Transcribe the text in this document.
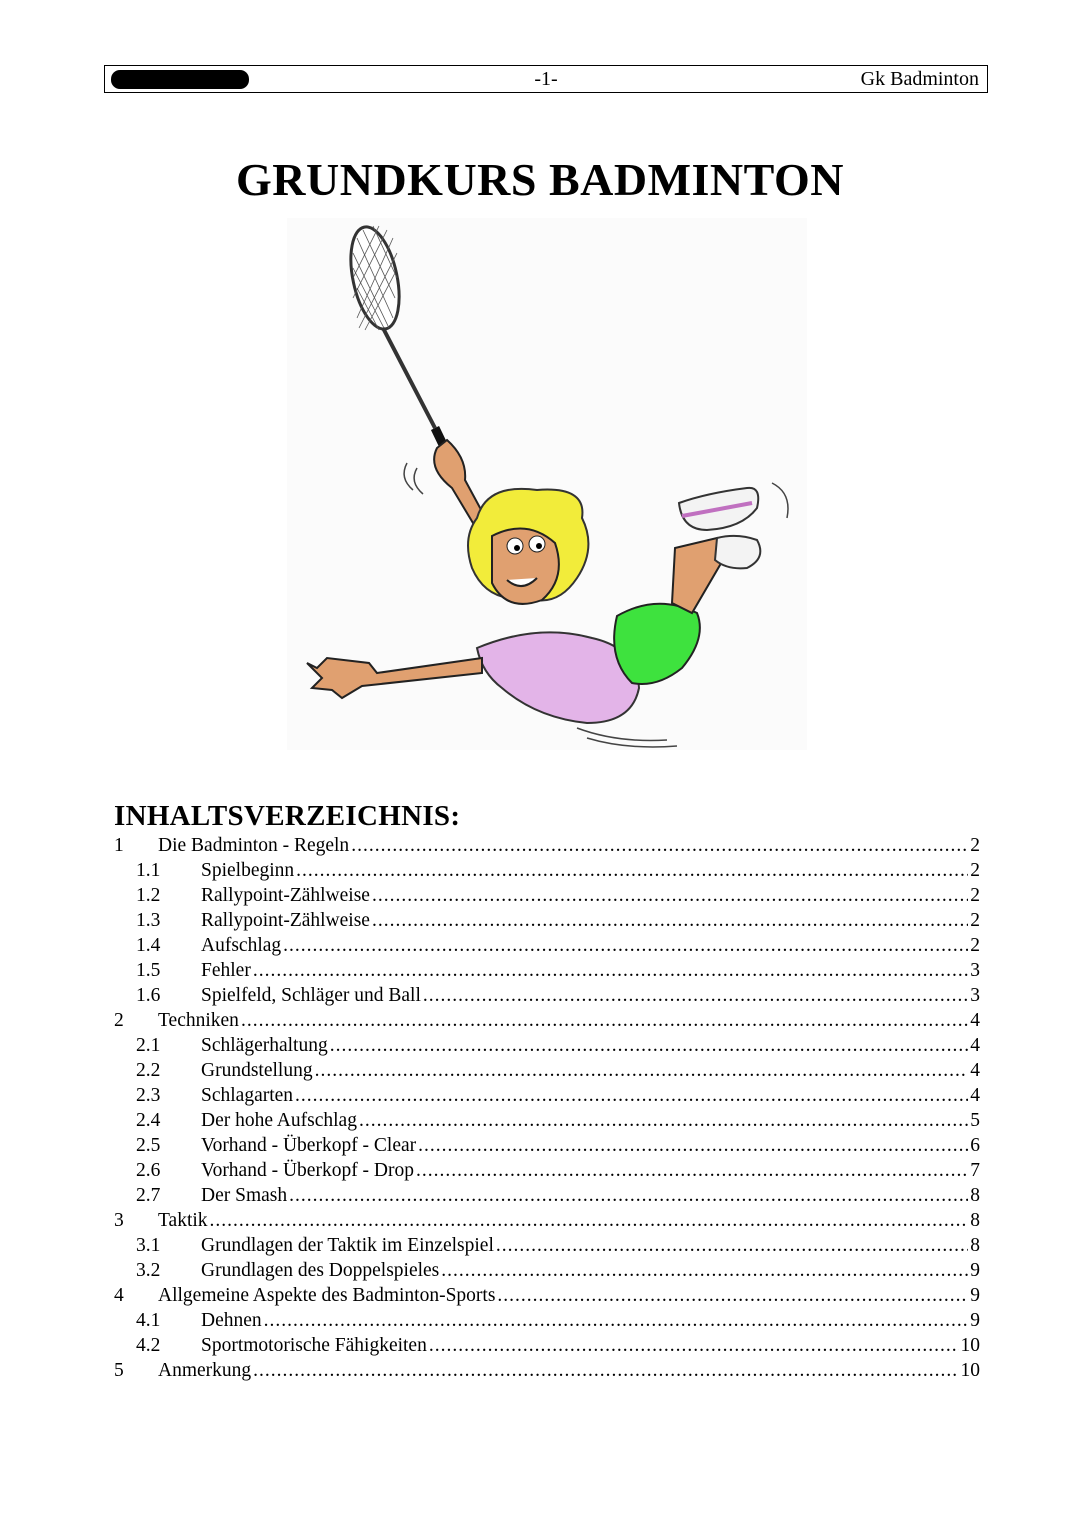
-1-	Gk Badminton
GRUNDKURS BADMINTON
INHALTSVERZEICHNIS:
1	Die Badminton - Regeln .....	2
1.1	Spielbeginn .....	2
1.2	Rallypoint-Zählweise .....	2
1.3	Rallypoint-Zählweise .....	2
1.4	Aufschlag .....	2
1.5	Fehler .....	3
1.6	Spielfeld, Schläger und Ball .....	3
2	Techniken .....	4
2.1	Schlägerhaltung .....	4
2.2	Grundstellung .....	4
2.3	Schlagarten .....	4
2.4	Der hohe Aufschlag .....	5
2.5	Vorhand - Überkopf - Clear .....	6
2.6	Vorhand - Überkopf - Drop .....	7
2.7	Der Smash .....	8
3	Taktik .....	8
3.1	Grundlagen der Taktik im Einzelspiel .....	8
3.2	Grundlagen des Doppelspieles .....	9
4	Allgemeine Aspekte des Badminton-Sports .....	9
4.1	Dehnen .....	9
4.2	Sportmotorische Fähigkeiten .....	10
5	Anmerkung .....	10
